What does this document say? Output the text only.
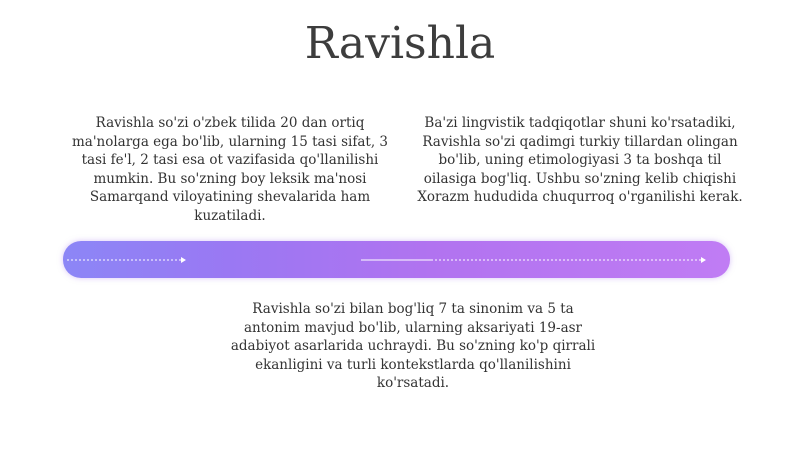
Ravishla

Ravishla so'zi o'zbek tilida 20 dan ortiq ma'nolarga ega bo'lib, ularning 15 tasi sifat, 3 tasi fe'l, 2 tasi esa ot vazifasida qo'llanilishi mumkin. Bu so'zning boy leksik ma'nosi Samarqand viloyatining shevalarida ham kuzatiladi.

Ba'zi lingvistik tadqiqotlar shuni ko'rsatadiki, Ravishla so'zi qadimgi turkiy tillardan olingan bo'lib, uning etimologiyasi 3 ta boshqa til oilasiga bog'liq. Ushbu so'zning kelib chiqishi Xorazm hududida chuqurroq o'rganilishi kerak.

Ravishla so'zi bilan bog'liq 7 ta sinonim va 5 ta antonim mavjud bo'lib, ularning aksariyati 19-asr adabiyot asarlarida uchraydi. Bu so'zning ko'p qirrali ekanligini va turli kontekstlarda qo'llanilishini ko'rsatadi.
